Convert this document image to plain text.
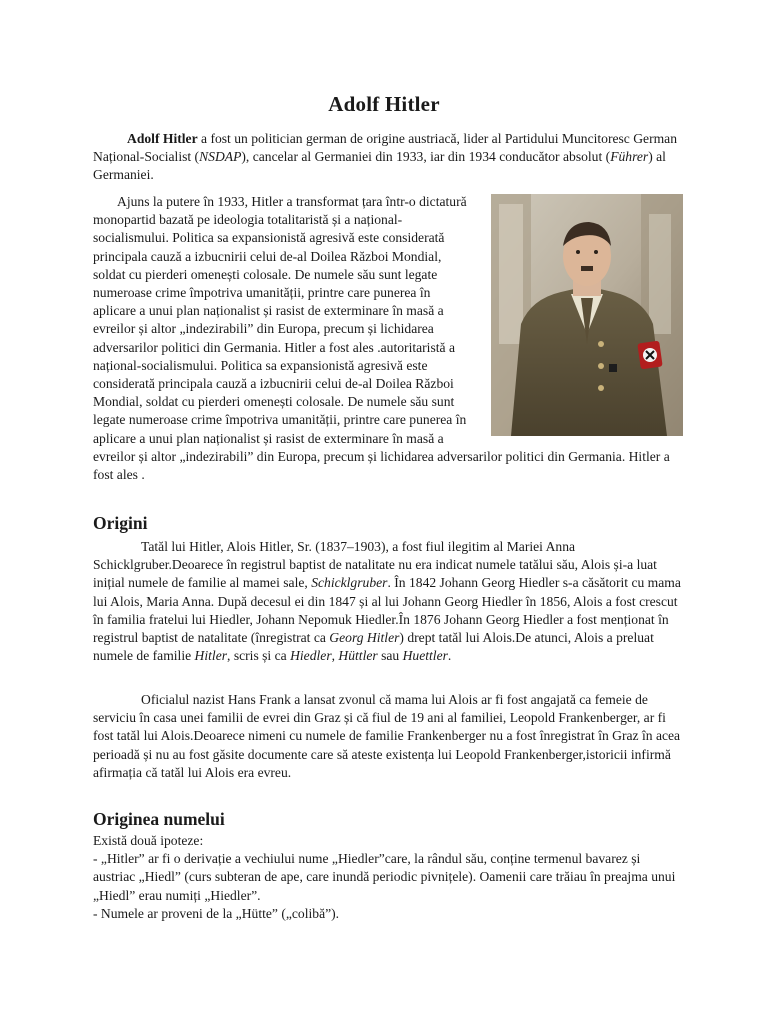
Adolf Hitler

Adolf Hitler a fost un politician german de origine austriacă, lider al Partidului Muncitoresc German Național-Socialist (NSDAP), cancelar al Germaniei din 1933, iar din 1934 conducător absolut (Führer) al Germaniei.

Ajuns la putere în 1933, Hitler a transformat țara într-o dictatură monopartid bazată pe ideologia totalitaristă și a național-socialismului. Politica sa expansionistă agresivă este considerată principala cauză a izbucnirii celui de-al Doilea Război Mondial, soldat cu pierderi omenești colosale. De numele său sunt legate numeroase crime împotriva umanității, printre care punerea în aplicare a unui plan naționalist și rasist de exterminare în masă a evreilor și altor „indezirabili” din Europa, precum și lichidarea adversarilor politici din Germania. Hitler a fost ales .autoritaristă a național-socialismului. Politica sa expansionistă agresivă este considerată principala cauză a izbucnirii celui de-al Doilea Război Mondial, soldat cu pierderi omenești colosale. De numele său sunt legate numeroase crime împotriva umanității, printre care punerea în aplicare a unui plan naționalist și rasist de exterminare în masă a evreilor și altor „indezirabili” din Europa, precum și lichidarea adversarilor politici din Germania. Hitler a fost ales .
Origini

Tatăl lui Hitler, Alois Hitler, Sr. (1837–1903), a fost fiul ilegitim al Mariei Anna Schicklgruber.Deoarece în registrul baptist de natalitate nu era indicat numele tatălui său, Alois și-a luat inițial numele de familie al mamei sale, Schicklgruber. În 1842 Johann Georg Hiedler s-a căsătorit cu mama lui Alois, Maria Anna. După decesul ei din 1847 și al lui Johann Georg Hiedler în 1856, Alois a fost crescut în familia fratelui lui Hiedler, Johann Nepomuk Hiedler.În 1876 Johann Georg Hiedler a fost menționat în registrul baptist de natalitate (înregistrat ca Georg Hitler) drept tatăl lui Alois.De atunci, Alois a preluat numele de familie Hitler, scris și ca Hiedler, Hüttler sau Huettler.

Oficialul nazist Hans Frank a lansat zvonul că mama lui Alois ar fi fost angajată ca femeie de serviciu în casa unei familii de evrei din Graz și că fiul de 19 ani al familiei, Leopold Frankenberger, ar fi fost tatăl lui Alois.Deoarece nimeni cu numele de familie Frankenberger nu a fost înregistrat în Graz în acea perioadă și nu au fost găsite documente care să ateste existența lui Leopold Frankenberger,istoricii infirmă afirmația că tatăl lui Alois era evreu.

Originea numelui
Există două ipoteze:
- „Hitler” ar fi o derivație a vechiului nume „Hiedler”care, la rândul său, conține termenul bavarez și austriac „Hiedl” (curs subteran de ape, care inundă periodic pivnițele). Oamenii care trăiau în preajma unui „Hiedl” erau numiți „Hiedler”.
- Numele ar proveni de la „Hütte” („colibă”).
